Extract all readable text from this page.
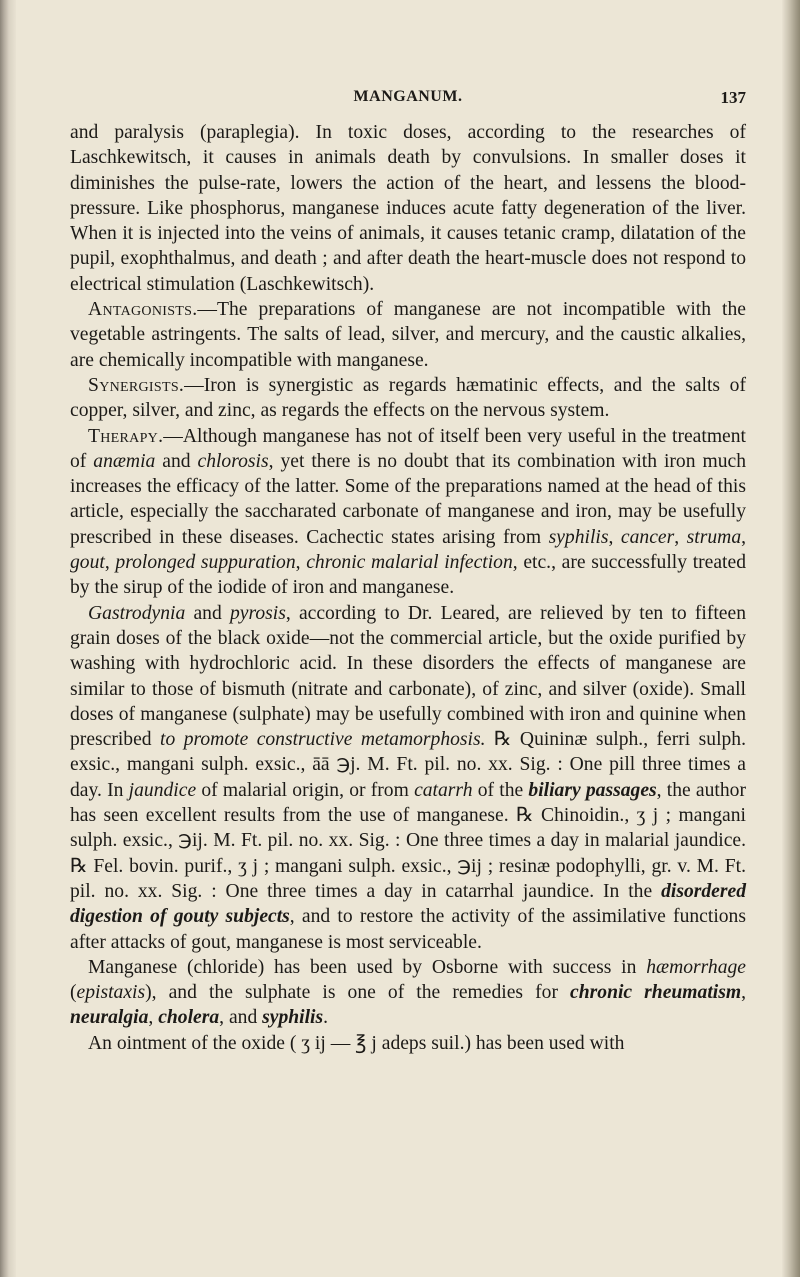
MANGANUM.	137

and paralysis (paraplegia). In toxic doses, according to the researches of Laschkewitsch, it causes in animals death by convulsions. In smaller doses it diminishes the pulse-rate, lowers the action of the heart, and lessens the blood-pressure. Like phosphorus, manganese induces acute fatty degeneration of the liver. When it is injected into the veins of animals, it causes tetanic cramp, dilatation of the pupil, exophthalmus, and death ; and after death the heart-muscle does not respond to electrical stimulation (Laschkewitsch).

Antagonists.—The preparations of manganese are not incompatible with the vegetable astringents. The salts of lead, silver, and mercury, and the caustic alkalies, are chemically incompatible with manganese.

Synergists.—Iron is synergistic as regards hæmatinic effects, and the salts of copper, silver, and zinc, as regards the effects on the nervous system.

Therapy.—Although manganese has not of itself been very useful in the treatment of anæmia and chlorosis, yet there is no doubt that its combination with iron much increases the efficacy of the latter. Some of the preparations named at the head of this article, especially the saccharated carbonate of manganese and iron, may be usefully prescribed in these diseases. Cachectic states arising from syphilis, cancer, struma, gout, prolonged suppuration, chronic malarial infection, etc., are successfully treated by the sirup of the iodide of iron and manganese.

Gastrodynia and pyrosis, according to Dr. Leared, are relieved by ten to fifteen grain doses of the black oxide—not the commercial article, but the oxide purified by washing with hydrochloric acid. In these disorders the effects of manganese are similar to those of bismuth (nitrate and carbonate), of zinc, and silver (oxide). Small doses of manganese (sulphate) may be usefully combined with iron and quinine when prescribed to promote constructive metamorphosis. ℞ Quininæ sulph., ferri sulph. exsic., mangani sulph. exsic., āā ℈j. M. Ft. pil. no. xx. Sig. : One pill three times a day. In jaundice of malarial origin, or from catarrh of the biliary passages, the author has seen excellent results from the use of manganese. ℞ Chinoidin., ʒ j ; mangani sulph. exsic., ℈ij. M. Ft. pil. no. xx. Sig. : One three times a day in malarial jaundice. ℞ Fel. bovin. purif., ʒ j ; mangani sulph. exsic., ℈ij ; resinæ podophylli, gr. v. M. Ft. pil. no. xx. Sig. : One three times a day in catarrhal jaundice. In the disordered digestion of gouty subjects, and to restore the activity of the assimilative functions after attacks of gout, manganese is most serviceable.

Manganese (chloride) has been used by Osborne with success in hæmorrhage (epistaxis), and the sulphate is one of the remedies for chronic rheumatism, neuralgia, cholera, and syphilis.

An ointment of the oxide ( ʒ ij — ℥ j adeps suil.) has been used with
